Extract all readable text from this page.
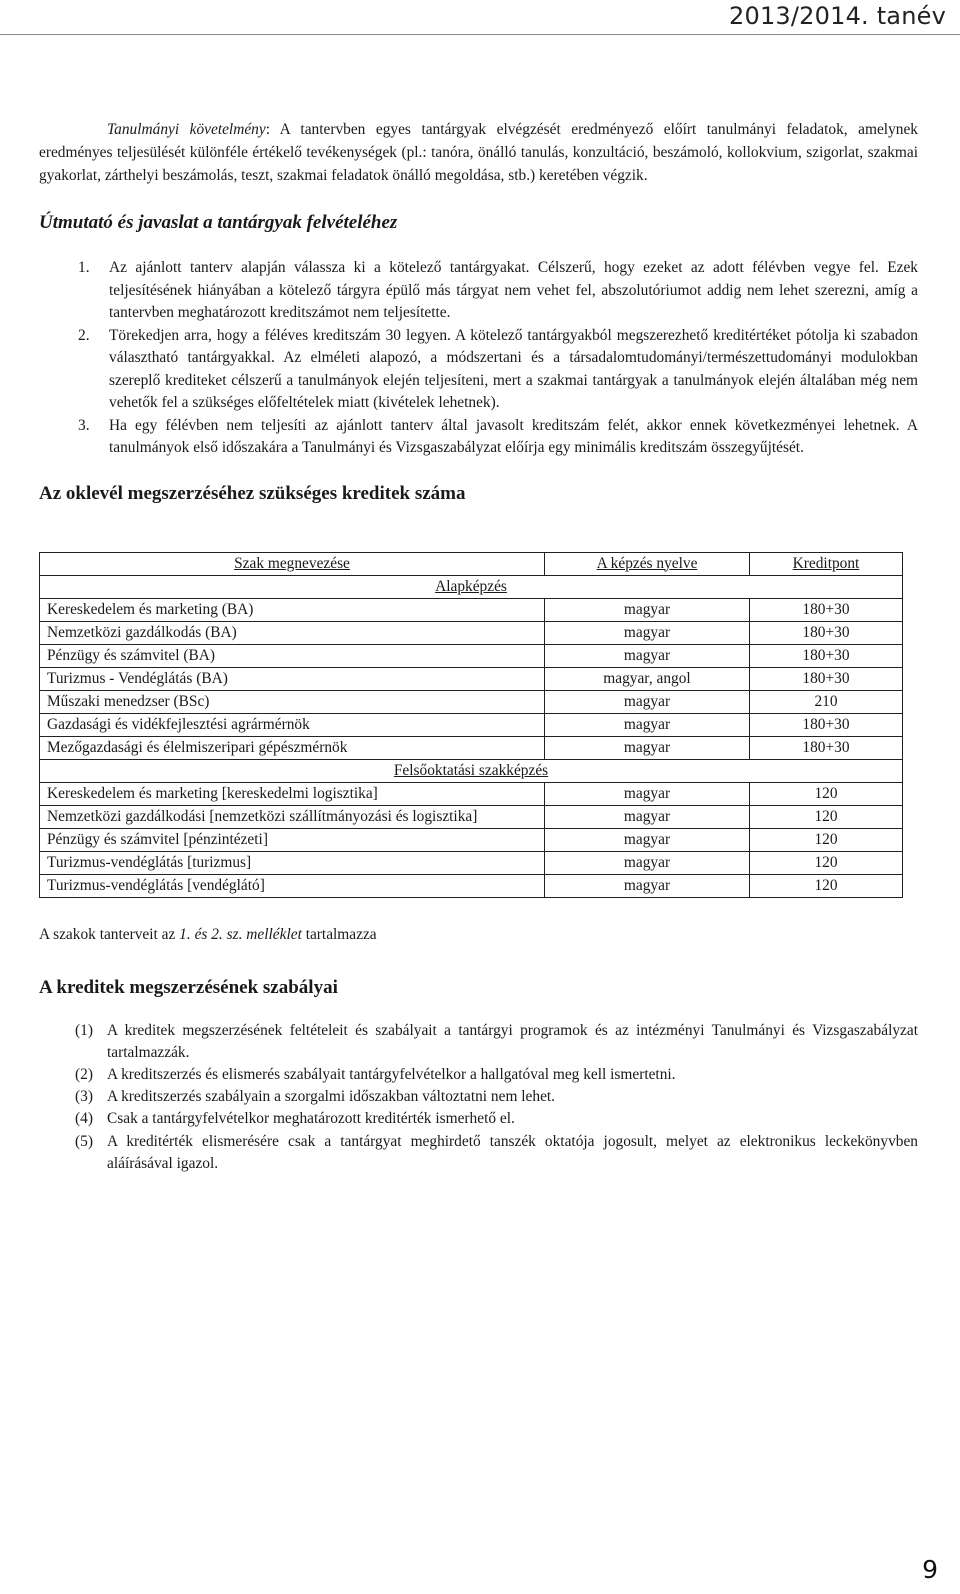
2013/2014. tanév

Tanulmányi követelmény: A tantervben egyes tantárgyak elvégzését eredményező előírt tanulmányi feladatok, amelynek eredményes teljesülését különféle értékelő tevékenységek (pl.: tanóra, önálló tanulás, konzultáció, beszámoló, kollokvium, szigorlat, szakmai gyakorlat, zárthelyi beszámolás, teszt, szakmai feladatok önálló megoldása, stb.) keretében végzik.

Útmutató és javaslat a tantárgyak felvételéhez
1. Az ajánlott tanterv alapján válassza ki a kötelező tantárgyakat. Célszerű, hogy ezeket az adott félévben vegye fel. Ezek teljesítésének hiányában a kötelező tárgyra épülő más tárgyat nem vehet fel, abszolutóriumot addig nem lehet szerezni, amíg a tantervben meghatározott kreditszámot nem teljesítette.
2. Törekedjen arra, hogy a féléves kreditszám 30 legyen. A kötelező tantárgyakból megszerezhető kreditértéket pótolja ki szabadon választható tantárgyakkal. Az elméleti alapozó, a módszertani és a társadalomtudományi/természettudományi modulokban szereplő krediteket célszerű a tanulmányok elején teljesíteni, mert a szakmai tantárgyak a tanulmányok elején általában még nem vehetők fel a szükséges előfeltételek miatt (kivételek lehetnek).
3. Ha egy félévben nem teljesíti az ajánlott tanterv által javasolt kreditszám felét, akkor ennek következményei lehetnek. A tanulmányok első időszakára a Tanulmányi és Vizsgaszabályzat előírja egy minimális kreditszám összegyűjtését.
Az oklevél megszerzéséhez szükséges kreditek száma
Szak megnevezése	A képzés nyelve	Kreditpont
Alapképzés		
Kereskedelem és marketing (BA)	magyar	180+30
Nemzetközi gazdálkodás (BA)	magyar	180+30
Pénzügy és számvitel (BA)	magyar	180+30
Turizmus - Vendéglátás (BA)	magyar, angol	180+30
Műszaki menedzser (BSc)	magyar	210
Gazdasági és vidékfejlesztési agrármérnök	magyar	180+30
Mezőgazdasági és élelmiszeripari gépészmérnök	magyar	180+30
Felsőoktatási szakképzés		
Kereskedelem és marketing [kereskedelmi logisztika]	magyar	120
Nemzetközi gazdálkodási [nemzetközi szállítmányozási és logisztika]	magyar	120
Pénzügy és számvitel [pénzintézeti]	magyar	120
Turizmus-vendéglátás [turizmus]	magyar	120
Turizmus-vendéglátás [vendéglátó]	magyar	120

A szakok tanterveit az 1. és 2. sz. melléklet tartalmazza

A kreditek megszerzésének szabályai
(1) A kreditek megszerzésének feltételeit és szabályait a tantárgyi programok és az intézményi Tanulmányi és Vizsgaszabályzat tartalmazzák.
(2) A kreditszerzés és elismerés szabályait tantárgyfelvételkor a hallgatóval meg kell ismertetni.
(3) A kreditszerzés szabályain a szorgalmi időszakban változtatni nem lehet.
(4) Csak a tantárgyfelvételkor meghatározott kreditérték ismerhető el.
(5) A kreditérték elismerésére csak a tantárgyat meghirdető tanszék oktatója jogosult, melyet az elektronikus leckekönyvben aláírásával igazol.
9
